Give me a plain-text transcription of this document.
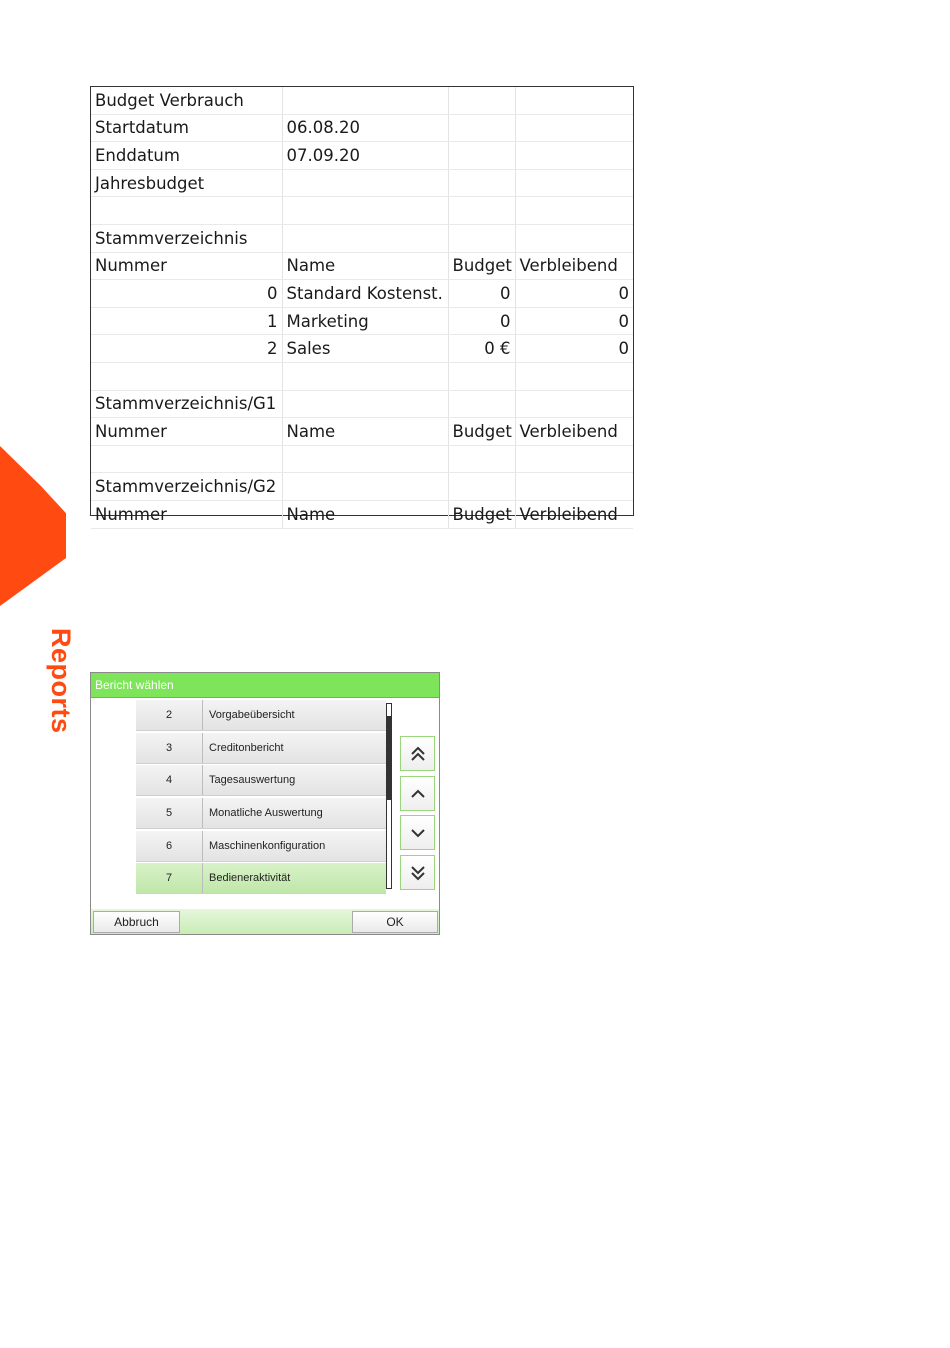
Reports
Budget Verbrauch			
Startdatum	06.08.20		
Enddatum	07.09.20		
Jahresbudget			

Stammverzeichnis			
Nummer	Name	Budget	Verbleibend
0	Standard Kostenst.	0	0
1	Marketing	0	0
2	Sales	0 €	0

Stammverzeichnis/G1			
Nummer	Name	Budget	Verbleibend

Stammverzeichnis/G2			
Nummer	Name	Budget	Verbleibend
Bericht wählen
2	Vorgabeübersicht
3	Creditonbericht
4	Tagesauswertung
5	Monatliche Auswertung
6	Maschinenkonfiguration
7	Bedieneraktivität
Abbruch	OK
